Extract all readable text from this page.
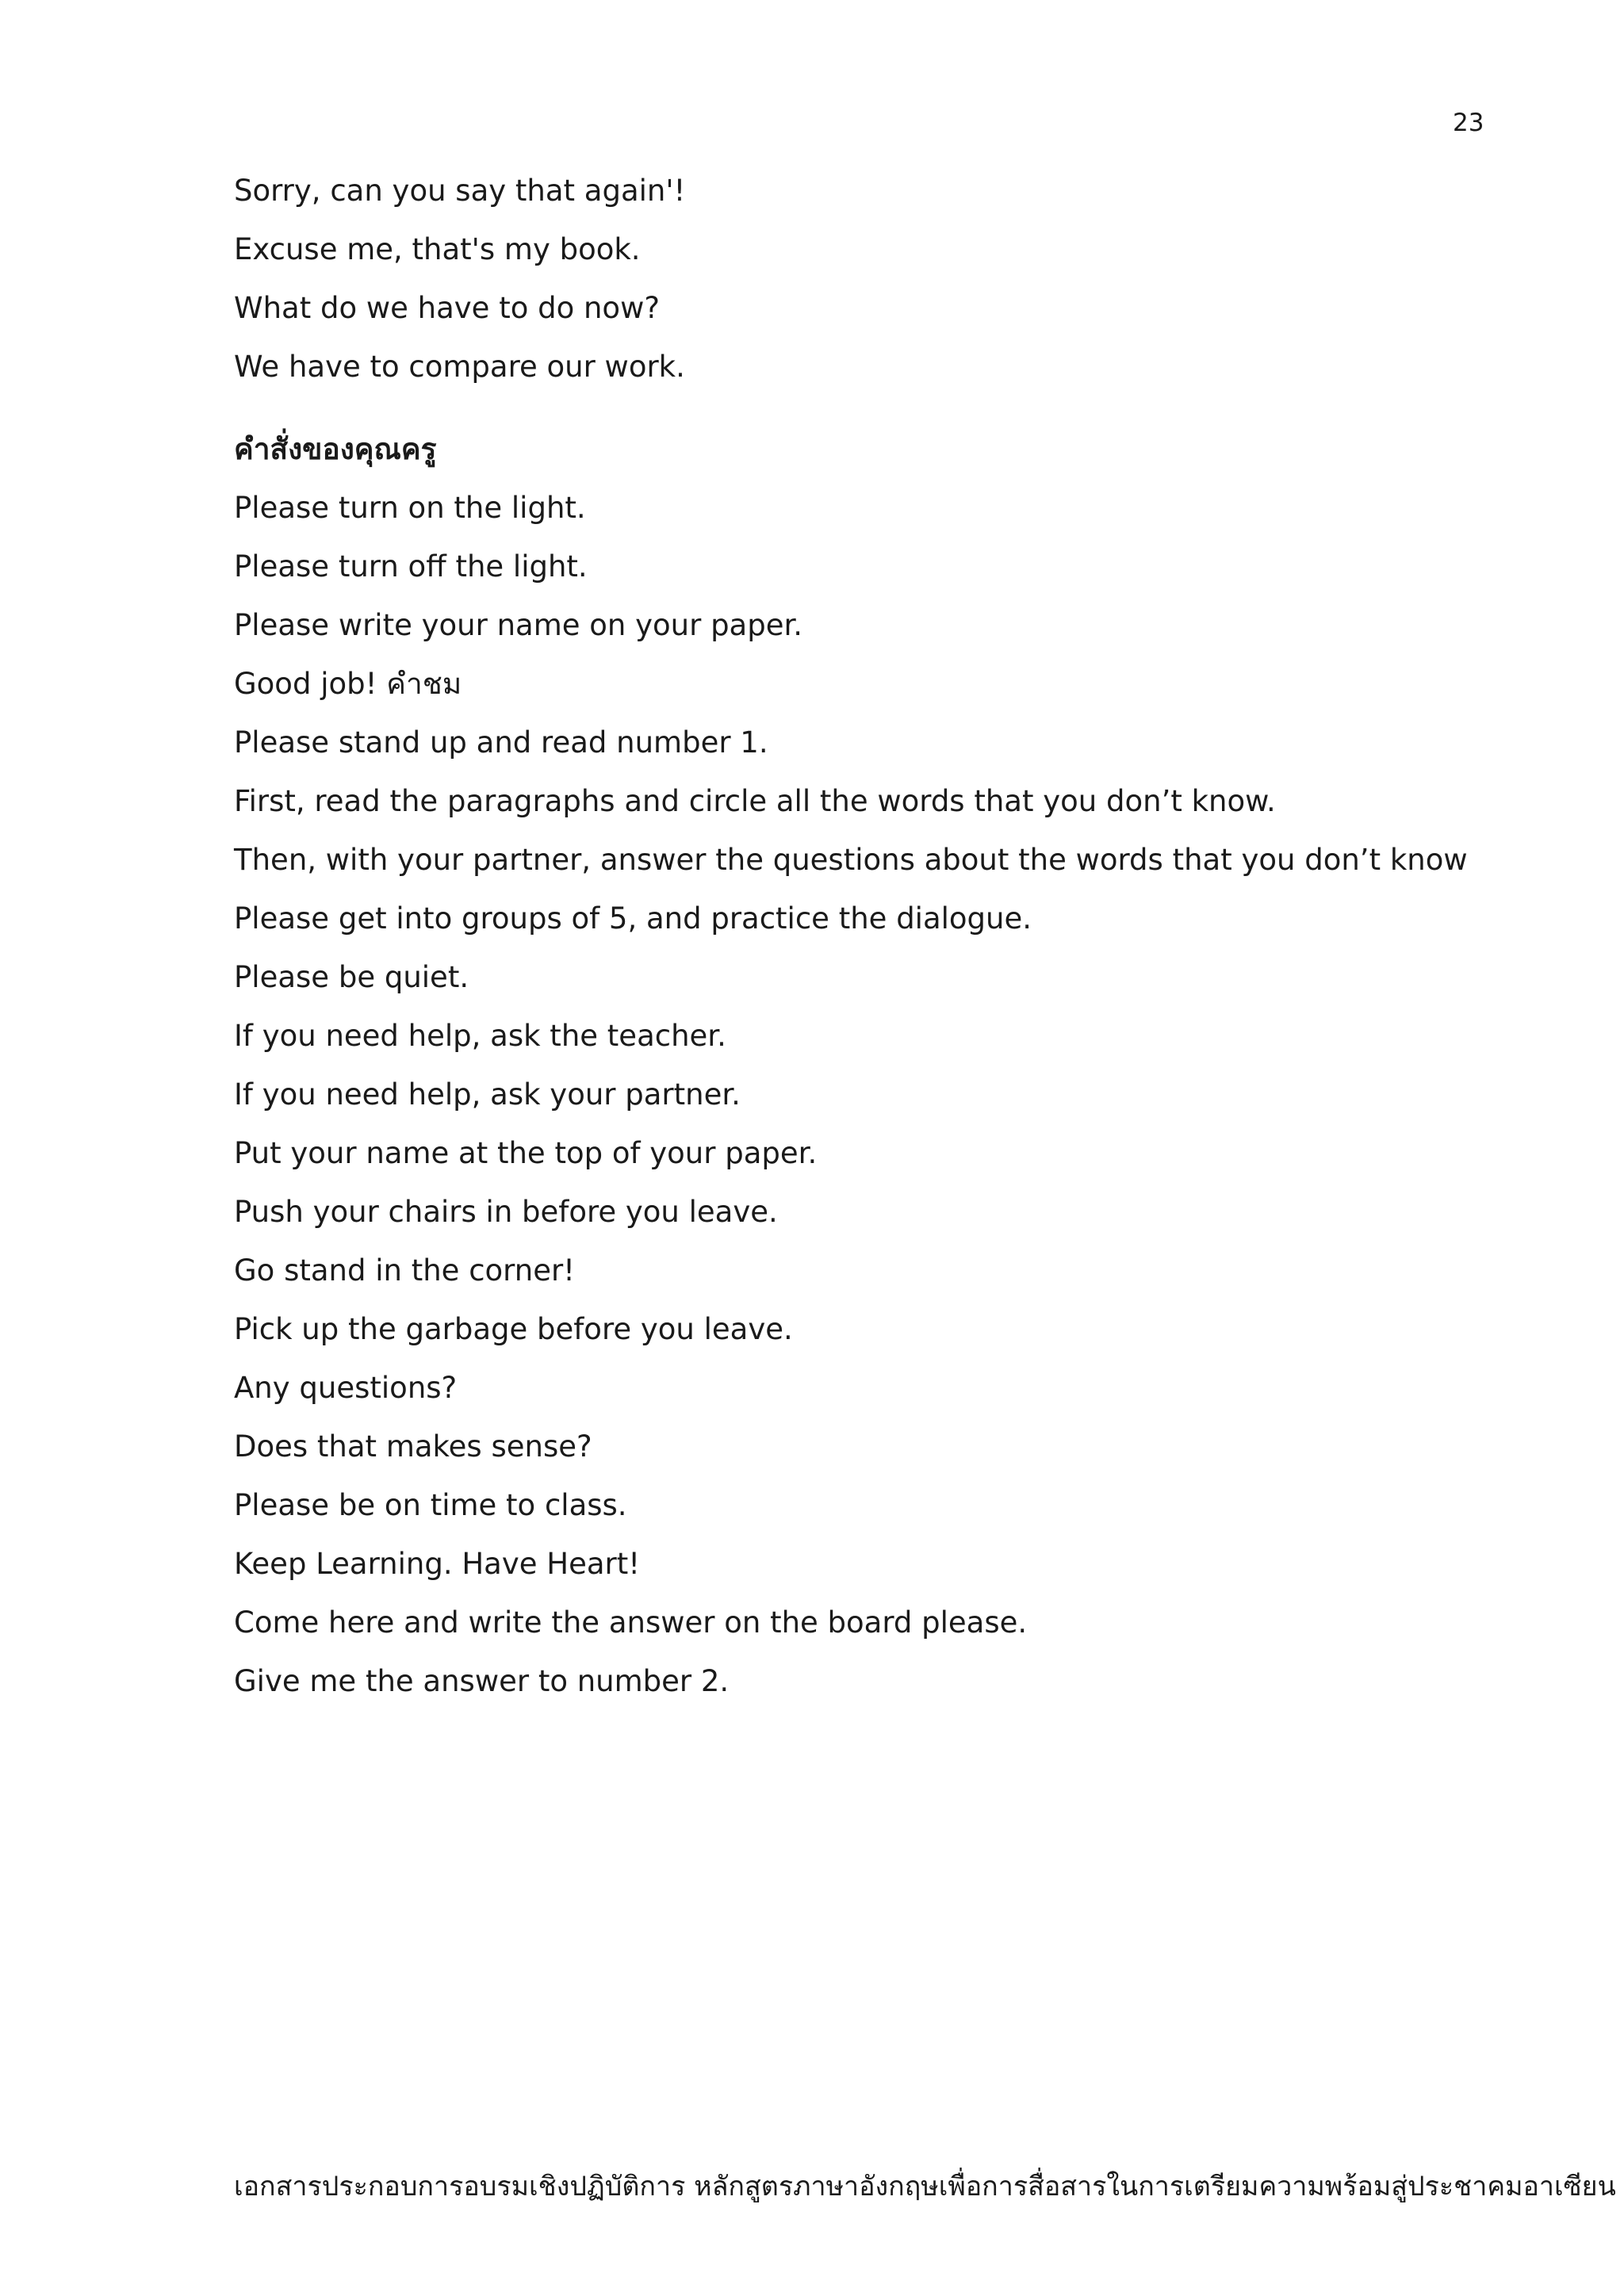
23
Sorry, can you say that again'!
Excuse me, that's my book.
What do we have to do now?
We have to compare our work.
คำสั่งของคุณครู
Please turn on the light.
Please turn off the light.
Please write your name on your paper.
Good job! คำชม
Please stand up and read number 1.
First, read the paragraphs and circle all the words that you don’t know.
Then, with your partner, answer the questions about the words that you don’t know
Please get into groups of 5, and practice the dialogue.
Please be quiet.
If you need help, ask the teacher.
If you need help, ask your partner.
Put your name at the top of your paper.
Push your chairs in before you leave.
Go stand in the corner!
Pick up the garbage before you leave.
Any questions?
Does that makes sense?
Please be on time to class.
Keep Learning. Have Heart!
Come here and write the answer on the board please.
Give me the answer to number 2.
เอกสารประกอบการอบรมเชิงปฏิบัติการ หลักสูตรภาษาอังกฤษเพื่อการสื่อสารในการเตรียมความพร้อมสู่ประชาคมอาเซียน
